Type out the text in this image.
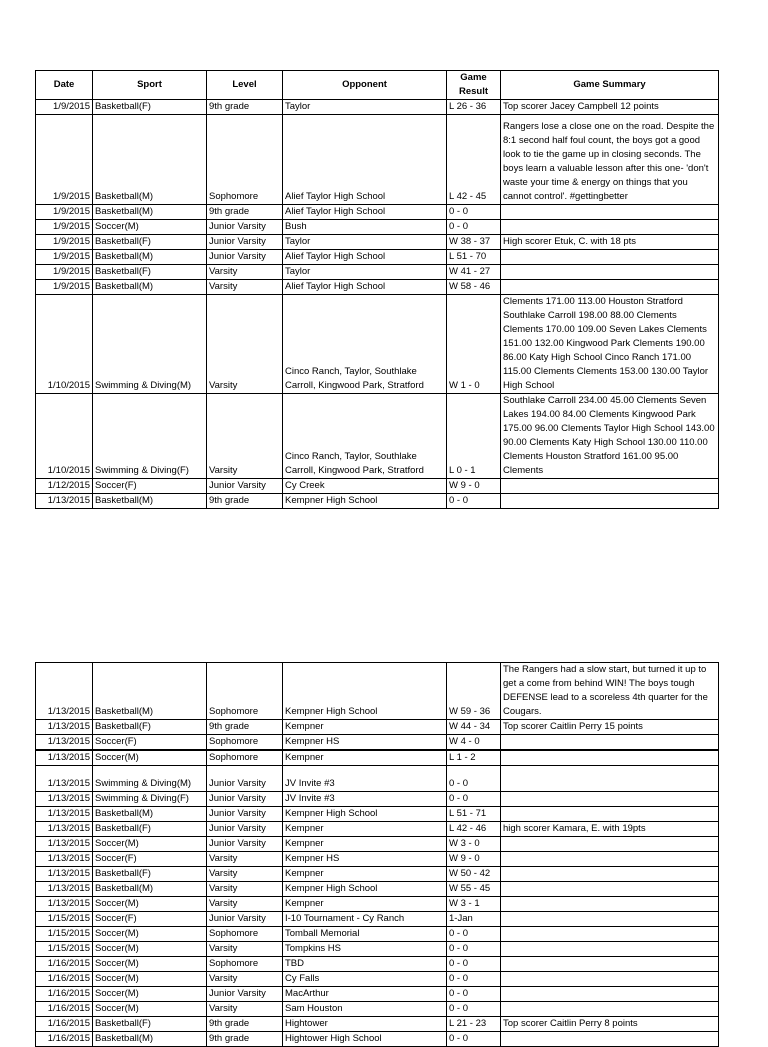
Date	Sport	Level	Opponent	Game Result	Game Summary
1/9/2015	Basketball(F)	9th grade	Taylor	L 26 - 36	Top scorer Jacey Campbell 12 points
1/9/2015	Basketball(M)	Sophomore	Alief Taylor High School	L 42 - 45	Rangers lose a close one on the road. Despite the 8:1 second half foul count, the boys got a good look to tie the game up in closing seconds. The boys learn a valuable lesson after this one- 'don't waste your time & energy on things that you cannot control'. #gettingbetter
1/9/2015	Basketball(M)	9th grade	Alief Taylor High School	0 - 0	
1/9/2015	Soccer(M)	Junior Varsity	Bush	0 - 0	
1/9/2015	Basketball(F)	Junior Varsity	Taylor	W 38 - 37	High scorer Etuk, C. with 18 pts
1/9/2015	Basketball(M)	Junior Varsity	Alief Taylor High School	L 51 - 70	
1/9/2015	Basketball(F)	Varsity	Taylor	W 41 - 27	
1/9/2015	Basketball(M)	Varsity	Alief Taylor High School	W 58 - 46	
1/10/2015	Swimming & Diving(M)	Varsity	Cinco Ranch, Taylor, Southlake Carroll, Kingwood Park, Stratford	W 1 - 0	Clements 171.00 113.00 Houston Stratford Southlake Carroll 198.00 88.00 Clements Clements 170.00 109.00 Seven Lakes Clements 151.00 132.00 Kingwood Park Clements 190.00 86.00 Katy High School Cinco Ranch 171.00 115.00 Clements Clements 153.00 130.00 Taylor High School
1/10/2015	Swimming & Diving(F)	Varsity	Cinco Ranch, Taylor, Southlake Carroll, Kingwood Park, Stratford	L 0 - 1	Southlake Carroll 234.00 45.00 Clements Seven Lakes 194.00 84.00 Clements Kingwood Park 175.00 96.00 Clements Taylor High School 143.00 90.00 Clements Katy High School 130.00 110.00 Clements Houston Stratford 161.00 95.00 Clements
1/12/2015	Soccer(F)	Junior Varsity	Cy Creek	W 9 - 0	
1/13/2015	Basketball(M)	9th grade	Kempner High School	0 - 0	
1/13/2015	Basketball(M)	Sophomore	Kempner High School	W 59 - 36	The Rangers had a slow start, but turned it up to get a come from behind WIN! The boys tough DEFENSE lead to a scoreless 4th quarter for the Cougars.
1/13/2015	Basketball(F)	9th grade	Kempner	W 44 - 34	Top scorer Caitlin Perry 15 points
1/13/2015	Soccer(F)	Sophomore	Kempner HS	W 4 - 0	
1/13/2015	Soccer(M)	Sophomore	Kempner	L 1 - 2	
1/13/2015	Swimming & Diving(M)	Junior Varsity	JV Invite #3	0 - 0	
1/13/2015	Swimming & Diving(F)	Junior Varsity	JV Invite #3	0 - 0	
1/13/2015	Basketball(M)	Junior Varsity	Kempner High School	L 51 - 71	
1/13/2015	Basketball(F)	Junior Varsity	Kempner	L 42 - 46	high scorer Kamara, E. with 19pts
1/13/2015	Soccer(M)	Junior Varsity	Kempner	W 3 - 0	
1/13/2015	Soccer(F)	Varsity	Kempner HS	W 9 - 0	
1/13/2015	Basketball(F)	Varsity	Kempner	W 50 - 42	
1/13/2015	Basketball(M)	Varsity	Kempner High School	W 55 - 45	
1/13/2015	Soccer(M)	Varsity	Kempner	W 3 - 1	
1/15/2015	Soccer(F)	Junior Varsity	I-10 Tournament - Cy Ranch	1-Jan	
1/15/2015	Soccer(M)	Sophomore	Tomball Memorial	0 - 0	
1/15/2015	Soccer(M)	Varsity	Tompkins HS	0 - 0	
1/16/2015	Soccer(M)	Sophomore	TBD	0 - 0	
1/16/2015	Soccer(M)	Varsity	Cy Falls	0 - 0	
1/16/2015	Soccer(M)	Junior Varsity	MacArthur	0 - 0	
1/16/2015	Soccer(M)	Varsity	Sam Houston	0 - 0	
1/16/2015	Basketball(F)	9th grade	Hightower	L 21 - 23	Top scorer Caitlin Perry 8 points
1/16/2015	Basketball(M)	9th grade	Hightower High School	0 - 0	
